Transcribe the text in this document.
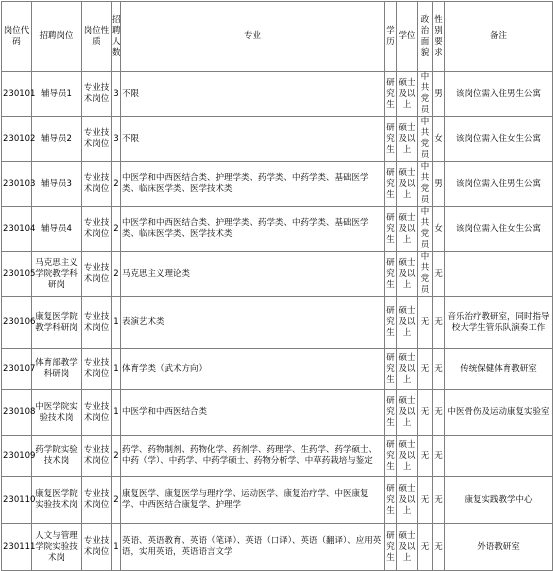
岗位代码	招聘岗位	岗位性质	招聘人数	专业	学历	学位	政治面貌	性别要求	备注
230101	辅导员1	专业技术岗位	3	不限	研究生	硕士及以上	中共党员	男	该岗位需入住男生公寓
230102	辅导员2	专业技术岗位	3	不限	研究生	硕士及以上	中共党员	女	该岗位需入住女生公寓
230103	辅导员3	专业技术岗位	2	中医学和中西医结合类、护理学类、药学类、中药学类、基础医学类、临床医学类、医学技术类	研究生	硕士及以上	中共党员	男	该岗位需入住男生公寓
230104	辅导员4	专业技术岗位	2	中医学和中西医结合类、护理学类、药学类、中药学类、基础医学类、临床医学类、医学技术类	研究生	硕士及以上	中共党员	女	该岗位需入住女生公寓
230105	马克思主义学院教学科研岗	专业技术岗位	2	马克思主义理论类	研究生	硕士及以上	中共党员	无	
230106	康复医学院教学科研岗	专业技术岗位	1	表演艺术类	研究生	硕士及以上	无	无	音乐治疗教研室，同时指导校大学生管乐队演奏工作
230107	体育部教学科研岗	专业技术岗位	1	体育学类（武术方向）	研究生	硕士及以上	无	无	传统保健体育教研室
230108	中医学院实验技术岗	专业技术岗位	1	中医学和中西医结合类	研究生	硕士及以上	无	无	中医骨伤及运动康复实验室
230109	药学院实验技术岗	专业技术岗位	2	药学、药物制剂、药物化学、药剂学、药理学、生药学、药学硕士、中药（学）、中药学、中药学硕士、药物分析学、中草药栽培与鉴定	研究生	硕士及以上	无	无	
230110	康复医学院实验技术岗	专业技术岗位	2	康复医学、康复医学与理疗学、运动医学、康复治疗学、中医康复学、中西医结合康复学、护理学	研究生	硕士及以上	无	无	康复实践教学中心
230111	人文与管理学院实验技术岗	专业技术岗位	1	英语、英语教育、英语（笔译）、英语（口译）、英语（翻译）、应用英语，实用英语，英语语言文学	研究生	硕士及以上	无	无	外语教研室
